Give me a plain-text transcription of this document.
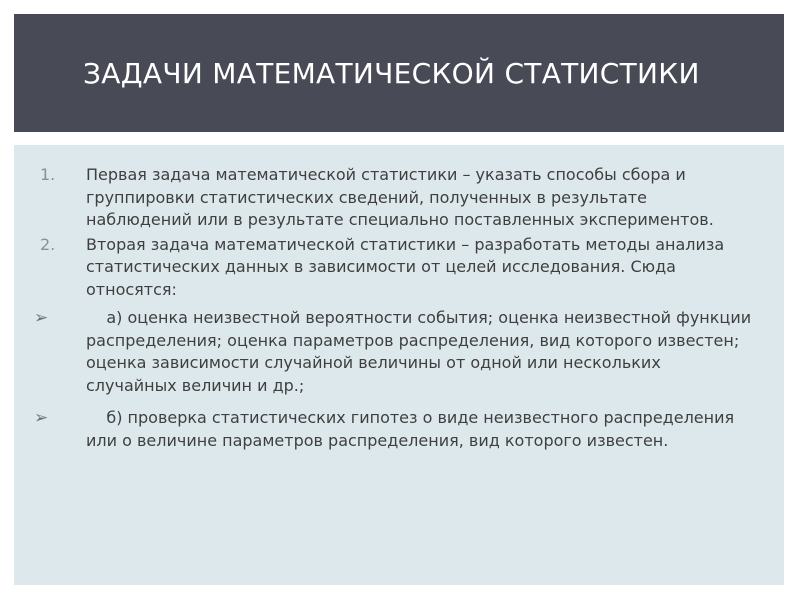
ЗАДАЧИ МАТЕМАТИЧЕСКОЙ СТАТИСТИКИ
1. Первая задача математической статистики – указать способы сбора и группировки статистических сведений, полученных в результате наблюдений или в результате специально поставленных экспериментов.
2. Вторая задача математической статистики – разработать методы анализа статистических данных в зависимости от целей исследования. Сюда относятся:
➢	а) оценка неизвестной вероятности события; оценка неизвестной функции распределения; оценка параметров распределения, вид которого известен; оценка зависимости случайной величины от одной или нескольких случайных величин и др.;
➢	б) проверка статистических гипотез о виде неизвестного распределения или о величине параметров распределения, вид которого известен.
